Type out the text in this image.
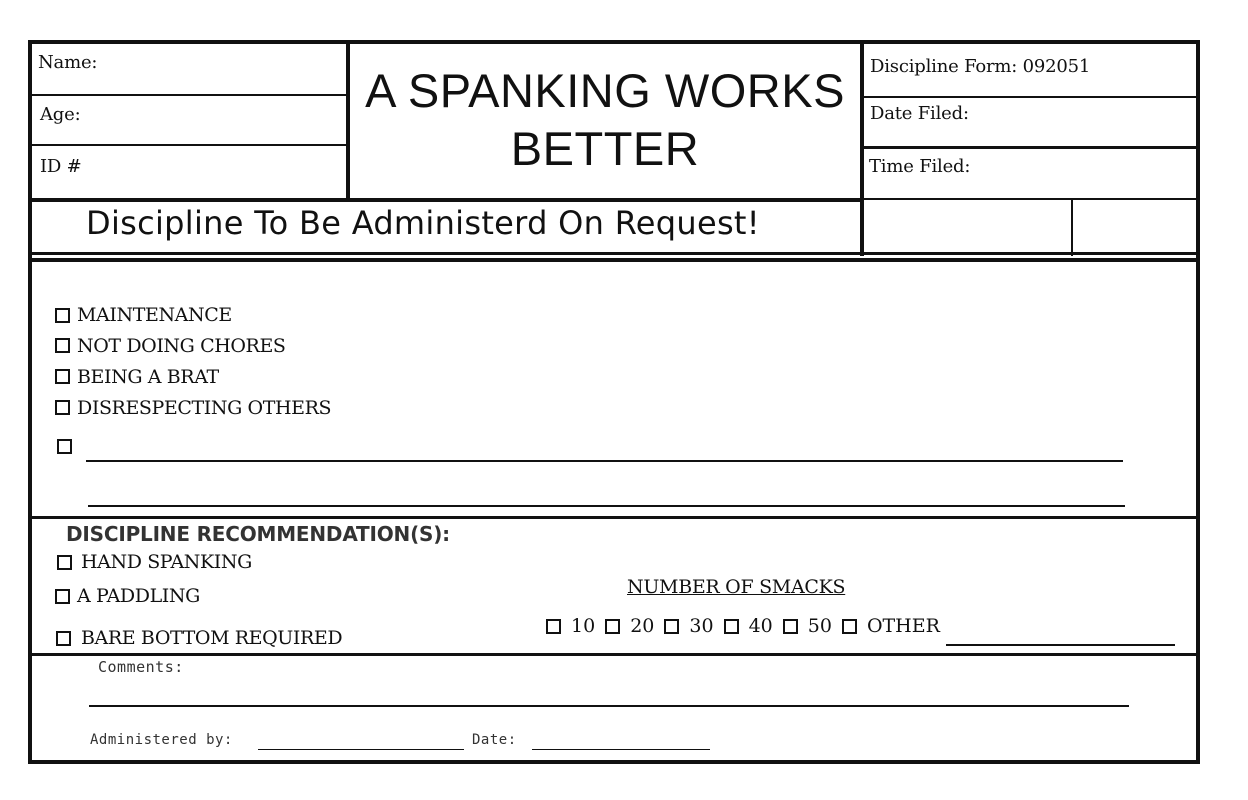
Name:
Age:
ID #
A SPANKING WORKS
BETTER
Discipline Form: 092051
Date Filed:
Time Filed:
Discipline To Be Administerd On Request!
MAINTENANCE
NOT DOING CHORES
BEING A BRAT
DISRESPECTING OTHERS
DISCIPLINE RECOMMENDATION(S):
HAND SPANKING
A PADDLING
BARE BOTTOM REQUIRED
NUMBER OF SMACKS
10 20 30 40 50 OTHER
Comments:
Administered by:	Date:
